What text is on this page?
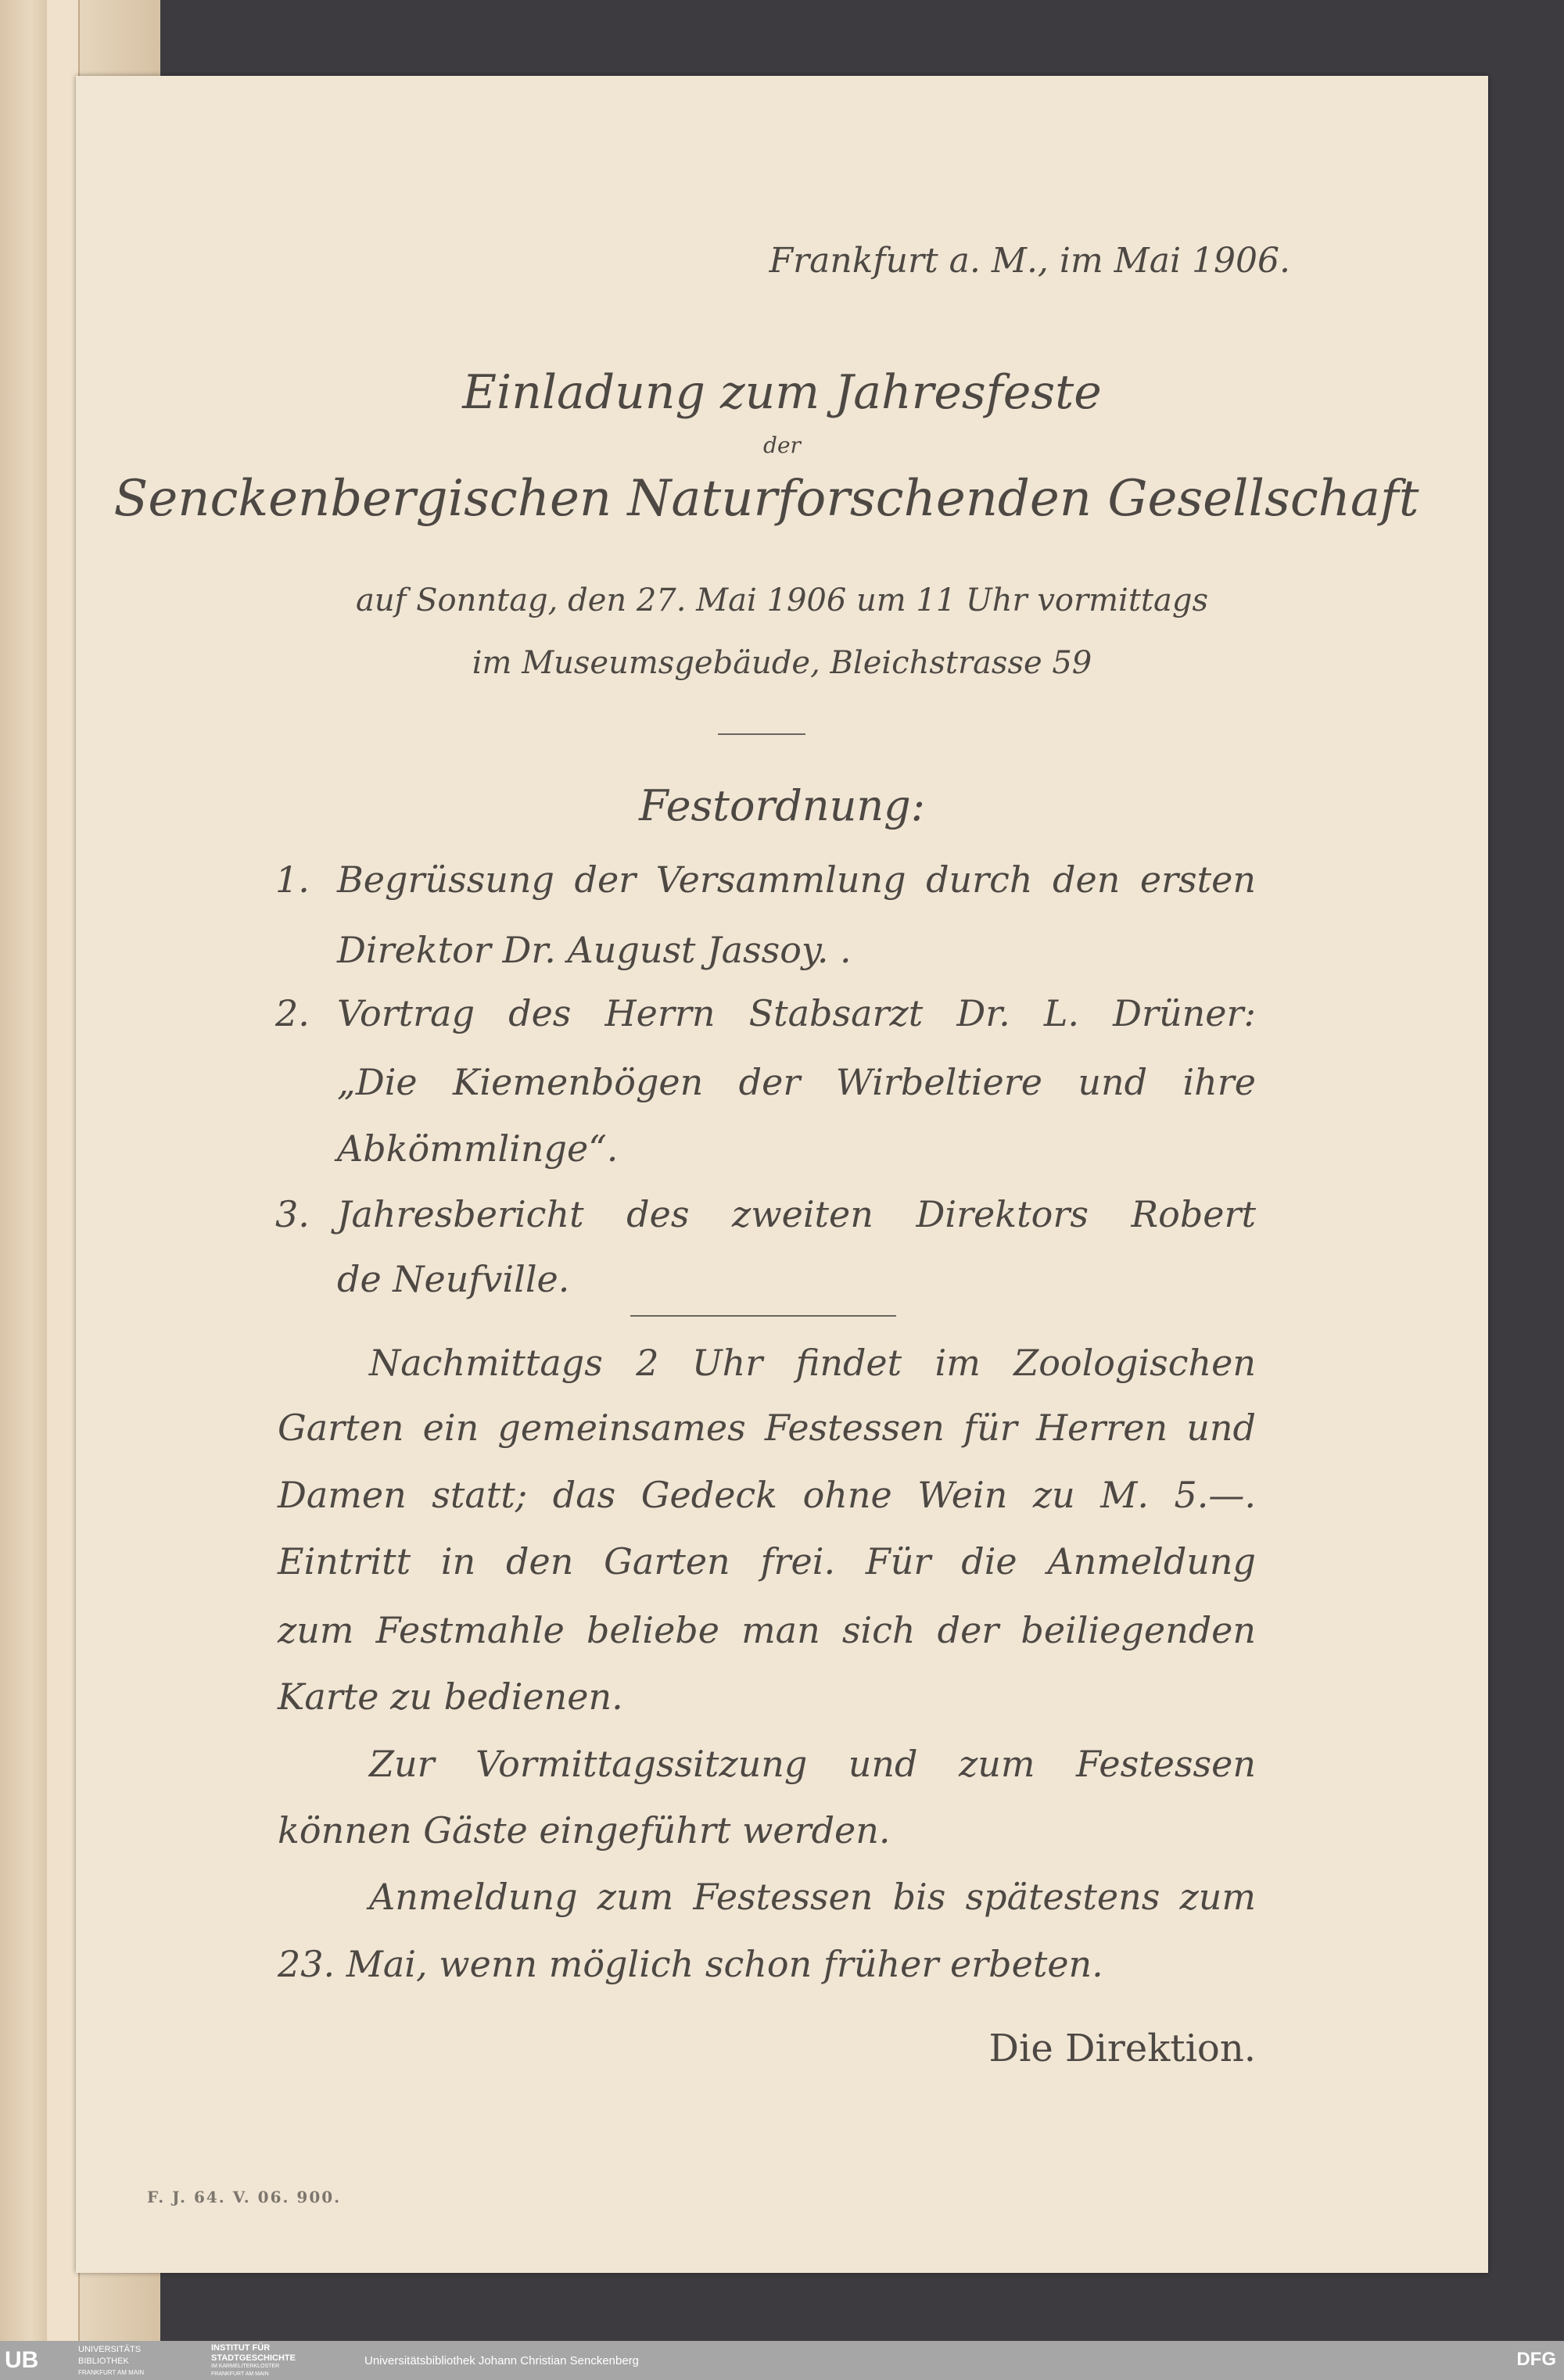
Frankfurt a. M., im Mai 1906.
Einladung zum Jahresfeste
der
Senckenbergischen Naturforschenden Gesellschaft
auf Sonntag, den 27. Mai 1906 um 11 Uhr vormittags
im Museumsgebäude, Bleichstrasse 59
Festordnung:
1. Begrüssung der Versammlung durch den ersten
Direktor Dr. August Jassoy. .
2. Vortrag des Herrn Stabsarzt Dr. L. Drüner:
„Die Kiemenbögen der Wirbeltiere und ihre
Abkömmlinge“.
3. Jahresbericht des zweiten Direktors Robert
de Neufville.
Nachmittags 2 Uhr findet im Zoologischen
Garten ein gemeinsames Festessen für Herren und
Damen statt; das Gedeck ohne Wein zu M. 5.—.
Eintritt in den Garten frei. Für die Anmeldung
zum Festmahle beliebe man sich der beiliegenden
Karte zu bedienen.
Zur Vormittagssitzung und zum Festessen
können Gäste eingeführt werden.
Anmeldung zum Festessen bis spätestens zum
23. Mai, wenn möglich schon früher erbeten.
Die Direktion.
F. J. 64. V. 06. 900.
UB	UNIVERSITÄTS
BIBLIOTHEK
FRANKFURT AM MAIN
INSTITUT FÜR
STADTGESCHICHTE
IM KARMELITERKLOSTER
FRANKFURT AM MAIN
Universitätsbibliothek Johann Christian Senckenberg	DFG
